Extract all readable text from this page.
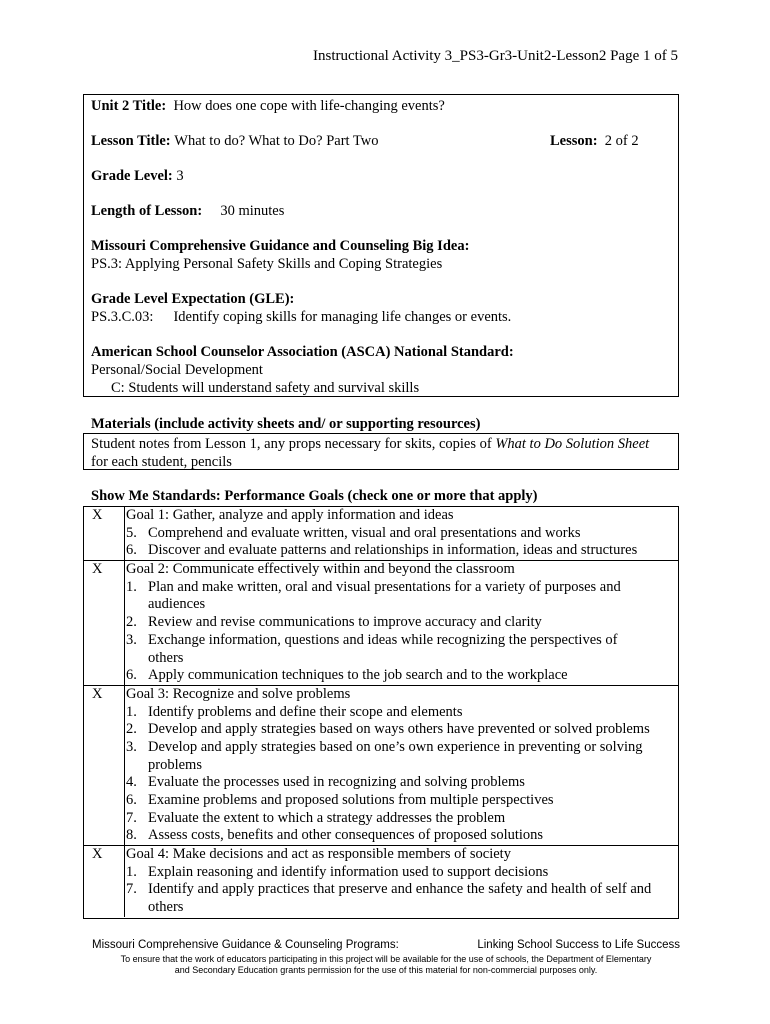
Instructional Activity 3_PS3-Gr3-Unit2-Lesson2 Page 1 of 5

Unit 2 Title: How does one cope with life-changing events?

Lesson Title: What to do? What to Do? Part Two	Lesson: 2 of 2

Grade Level: 3

Length of Lesson: 30 minutes

Missouri Comprehensive Guidance and Counseling Big Idea:

PS.3: Applying Personal Safety Skills and Coping Strategies

Grade Level Expectation (GLE):

PS.3.C.03: Identify coping skills for managing life changes or events.

American School Counselor Association (ASCA) National Standard:

Personal/Social Development

C: Students will understand safety and survival skills

Materials (include activity sheets and/ or supporting resources)
Student notes from Lesson 1, any props necessary for skits, copies of What to Do Solution Sheet
for each student, pencils
Show Me Standards: Performance Goals (check one or more that apply)
X Goal 1: Gather, analyze and apply information and ideas
5. Comprehend and evaluate written, visual and oral presentations and works
6. Discover and evaluate patterns and relationships in information, ideas and structures
X Goal 2: Communicate effectively within and beyond the classroom
1. Plan and make written, oral and visual presentations for a variety of purposes and
audiences
2. Review and revise communications to improve accuracy and clarity
3. Exchange information, questions and ideas while recognizing the perspectives of
others
6. Apply communication techniques to the job search and to the workplace
X Goal 3: Recognize and solve problems
1. Identify problems and define their scope and elements
2. Develop and apply strategies based on ways others have prevented or solved problems
3. Develop and apply strategies based on one’s own experience in preventing or solving
problems
4. Evaluate the processes used in recognizing and solving problems
6. Examine problems and proposed solutions from multiple perspectives
7. Evaluate the extent to which a strategy addresses the problem
8. Assess costs, benefits and other consequences of proposed solutions
X Goal 4: Make decisions and act as responsible members of society
1. Explain reasoning and identify information used to support decisions
7. Identify and apply practices that preserve and enhance the safety and health of self and
others
Missouri Comprehensive Guidance & Counseling Programs:	Linking School Success to Life Success
To ensure that the work of educators participating in this project will be available for the use of schools, the Department of Elementary
and Secondary Education grants permission for the use of this material for non-commercial purposes only.
